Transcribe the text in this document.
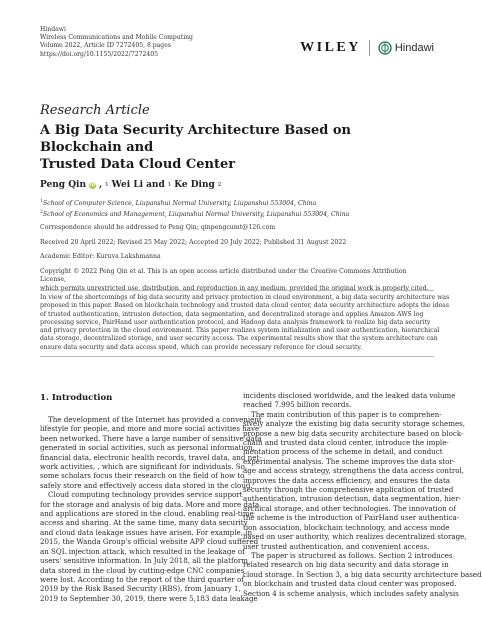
Hindawi
Wireless Communications and Mobile Computing
Volume 2022, Article ID 7272405, 8 pages
https://doi.org/10.1155/2022/7272405	WILEY	Hindawi
Research Article
A Big Data Security Architecture Based on Blockchain and
Trusted Data Cloud Center
Peng Qin iD , 1 Wei Li and 1 Ke Ding 2
$^1$School of Computer Science, Liupanshui Normal University, Liupanshui 553004, China
$^2$School of Economics and Management, Liupanshui Normal University, Liupanshui 553004, China
Correspondence should be addressed to Peng Qin; qinpengcumt@126.com
Received 20 April 2022; Revised 25 May 2022; Accepted 20 July 2022; Published 31 August 2022
Academic Editor: Kuruva Lakshmanna
Copyright © 2022 Peng Qin et al. This is an open access article distributed under the Creative Commons Attribution License,
which permits unrestricted use, distribution, and reproduction in any medium, provided the original work is properly cited.
In view of the shortcomings of big data security and privacy protection in cloud environment, a big data security architecture was
proposed in this paper. Based on blockchain technology and trusted data cloud center, data security architecture adopts the ideas
of trusted authentication, intrusion detection, data segmentation, and decentralized storage and applies Amazon AWS log
processing service, PairHand user authentication protocol, and Hadoop data analysis framework to realize big data security
and privacy protection in the cloud environment. This paper realizes system initialization and user authentication, hierarchical
data storage, decentralized storage, and user security access. The experimental results show that the system architecture can
ensure data security and data access speed, which can provide necessary reference for cloud security.
1. Introduction
The development of the Internet has provided a convenient
lifestyle for people, and more and more social activities have
been networked. There have a large number of sensitive data
generated in social activities, such as personal information,
financial data, electronic health records, travel data, and net-
work activities, , which are significant for individuals. So,
some scholars focus their research on the field of how to
safely store and effectively access data stored in the cloud.
Cloud computing technology provides service support
for the storage and analysis of big data. More and more data
and applications are stored in the cloud, enabling real-time
access and sharing. At the same time, many data security
and cloud data leakage issues have arisen. For example, in
2015, the Wanda Group's official website APP cloud suffered
an SQL injection attack, which resulted in the leakage of
users' sensitive information. In July 2018, all the platform
data stored in the cloud by cutting-edge CNC companies
were lost. According to the report of the third quarter of
2019 by the Risk Based Security (RBS), from January 1,
2019 to September 30, 2019, there were 5,183 data leakage
incidents disclosed worldwide, and the leaked data volume
reached 7.995 billion records.
The main contribution of this paper is to comprehen-
sively analyze the existing big data security storage schemes,
propose a new big data security architecture based on block-
chain and trusted data cloud center, introduce the imple-
mentation process of the scheme in detail, and conduct
experimental analysis. The scheme improves the data stor-
age and access strategy, strengthens the data access control,
improves the data access efficiency, and ensures the data
security through the comprehensive application of trusted
authentication, intrusion detection, data segmentation, hier-
archical storage, and other technologies. The innovation of
the scheme is the introduction of PairHand user authentica-
tion association, blockchain technology, and access mode
based on user authority, which realizes decentralized storage,
user trusted authentication, and convenient access.
The paper is structured as follows. Section 2 introduces
related research on big data security and data storage in
cloud storage. In Section 3, a big data security architecture based
on blockchain and trusted data cloud center was proposed.
Section 4 is scheme analysis, which includes safety analysis
